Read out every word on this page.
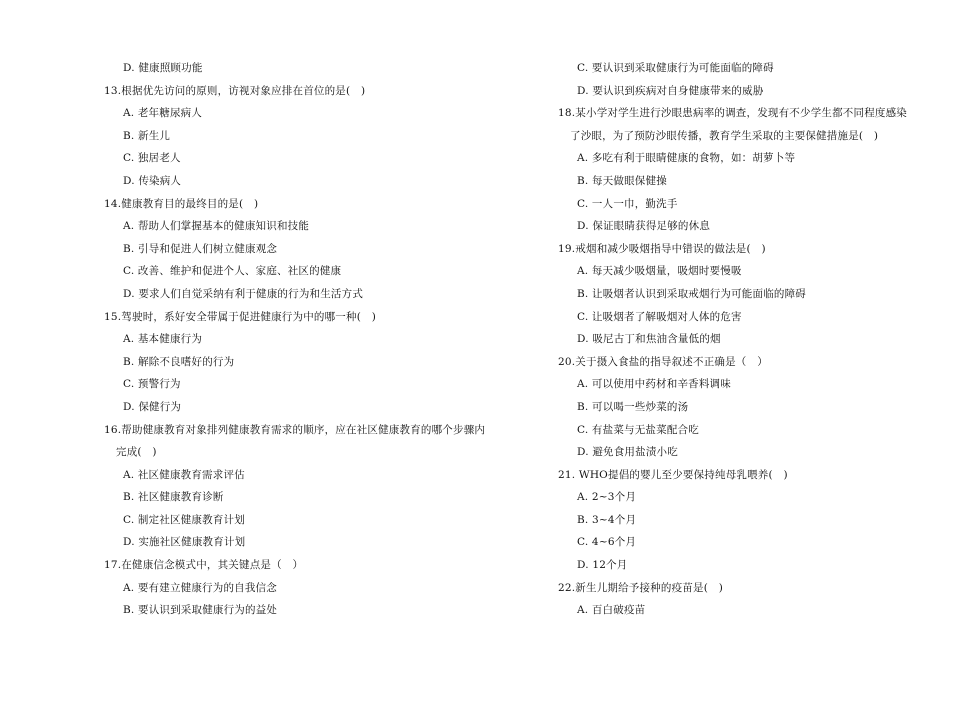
D. 健康照顾功能
13.根据优先访问的原则，访视对象应排在首位的是(　)
A. 老年糖尿病人
B. 新生儿
C. 独居老人
D. 传染病人
14.健康教育目的最终目的是(　)
A. 帮助人们掌握基本的健康知识和技能
B. 引导和促进人们树立健康观念
C. 改善、维护和促进个人、家庭、社区的健康
D. 要求人们自觉采纳有利于健康的行为和生活方式
15.驾驶时，系好安全带属于促进健康行为中的哪一种(　)
A. 基本健康行为
B. 解除不良嗜好的行为
C. 预警行为
D. 保健行为
16.帮助健康教育对象排列健康教育需求的顺序，应在社区健康教育的哪个步骤内
完成(　)
A. 社区健康教育需求评估
B. 社区健康教育诊断
C. 制定社区健康教育计划
D. 实施社区健康教育计划
17.在健康信念模式中，其关键点是（　）
A. 要有建立健康行为的自我信念
B. 要认识到采取健康行为的益处
C. 要认识到采取健康行为可能面临的障碍
D. 要认识到疾病对自身健康带来的威胁
18.某小学对学生进行沙眼患病率的调查，发现有不少学生都不同程度感染
了沙眼，为了预防沙眼传播，教育学生采取的主要保健措施是(　)
A. 多吃有利于眼睛健康的食物，如：胡萝卜等
B. 每天做眼保健操
C. 一人一巾，勤洗手
D. 保证眼睛获得足够的休息
19.戒烟和减少吸烟指导中错误的做法是(　)
A. 每天减少吸烟量，吸烟时要慢吸
B. 让吸烟者认识到采取戒烟行为可能面临的障碍
C. 让吸烟者了解吸烟对人体的危害
D. 吸尼古丁和焦油含量低的烟
20.关于摄入食盐的指导叙述不正确是（　）
A. 可以使用中药材和辛香料调味
B. 可以喝一些炒菜的汤
C. 有盐菜与无盐菜配合吃
D. 避免食用盐渍小吃
21. WHO提倡的婴儿至少要保持纯母乳喂养(　)
A. 2~3个月
B. 3~4个月
C. 4~6个月
D. 12个月
22.新生儿期给予接种的疫苗是(　)
A. 百白破疫苗
